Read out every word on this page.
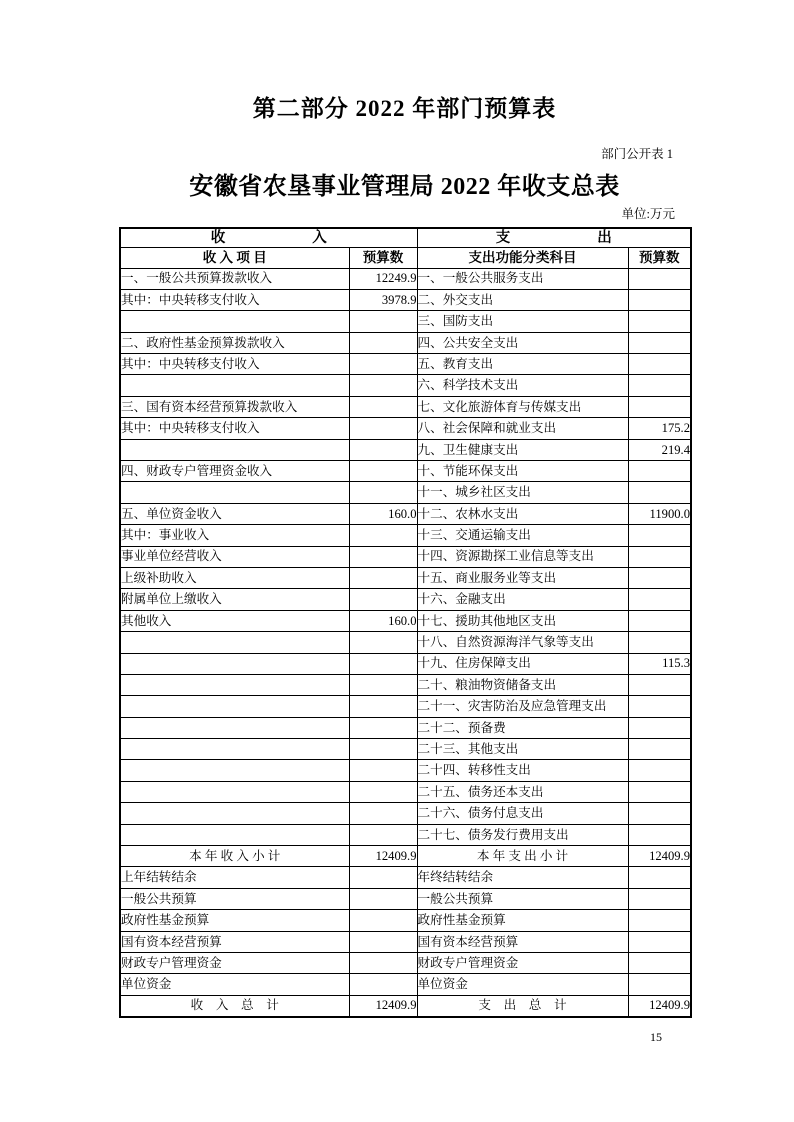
第二部分 2022 年部门预算表
部门公开表 1
安徽省农垦事业管理局 2022 年收支总表
单位:万元
收　　　　　　入		支　　　　　　出	
收 入 项 目	预算数	支出功能分类科目	预算数
一、一般公共预算拨款收入	12249.9	一、一般公共服务支出	
其中：中央转移支付收入	3978.9	二、外交支出	
		三、国防支出	
二、政府性基金预算拨款收入		四、公共安全支出	
其中：中央转移支付收入		五、教育支出	
		六、科学技术支出	
三、国有资本经营预算拨款收入		七、文化旅游体育与传媒支出	
其中：中央转移支付收入		八、社会保障和就业支出	175.2
		九、卫生健康支出	219.4
四、财政专户管理资金收入		十、节能环保支出	
		十一、城乡社区支出	
五、单位资金收入	160.0	十二、农林水支出	11900.0
其中：事业收入		十三、交通运输支出	
事业单位经营收入		十四、资源勘探工业信息等支出	
上级补助收入		十五、商业服务业等支出	
附属单位上缴收入		十六、金融支出	
其他收入	160.0	十七、援助其他地区支出	
		十八、自然资源海洋气象等支出	
		十九、住房保障支出	115.3
		二十、粮油物资储备支出	
		二十一、灾害防治及应急管理支出	
		二十二、预备费	
		二十三、其他支出	
		二十四、转移性支出	
		二十五、债务还本支出	
		二十六、债务付息支出	
		二十七、债务发行费用支出	
本 年 收 入 小 计	12409.9	本 年 支 出 小 计	12409.9
上年结转结余		年终结转结余	
一般公共预算		一般公共预算	
政府性基金预算		政府性基金预算	
国有资本经营预算		国有资本经营预算	
财政专户管理资金		财政专户管理资金	
单位资金		单位资金	
收　入　总　计	12409.9	支　出　总　计	12409.9
15
